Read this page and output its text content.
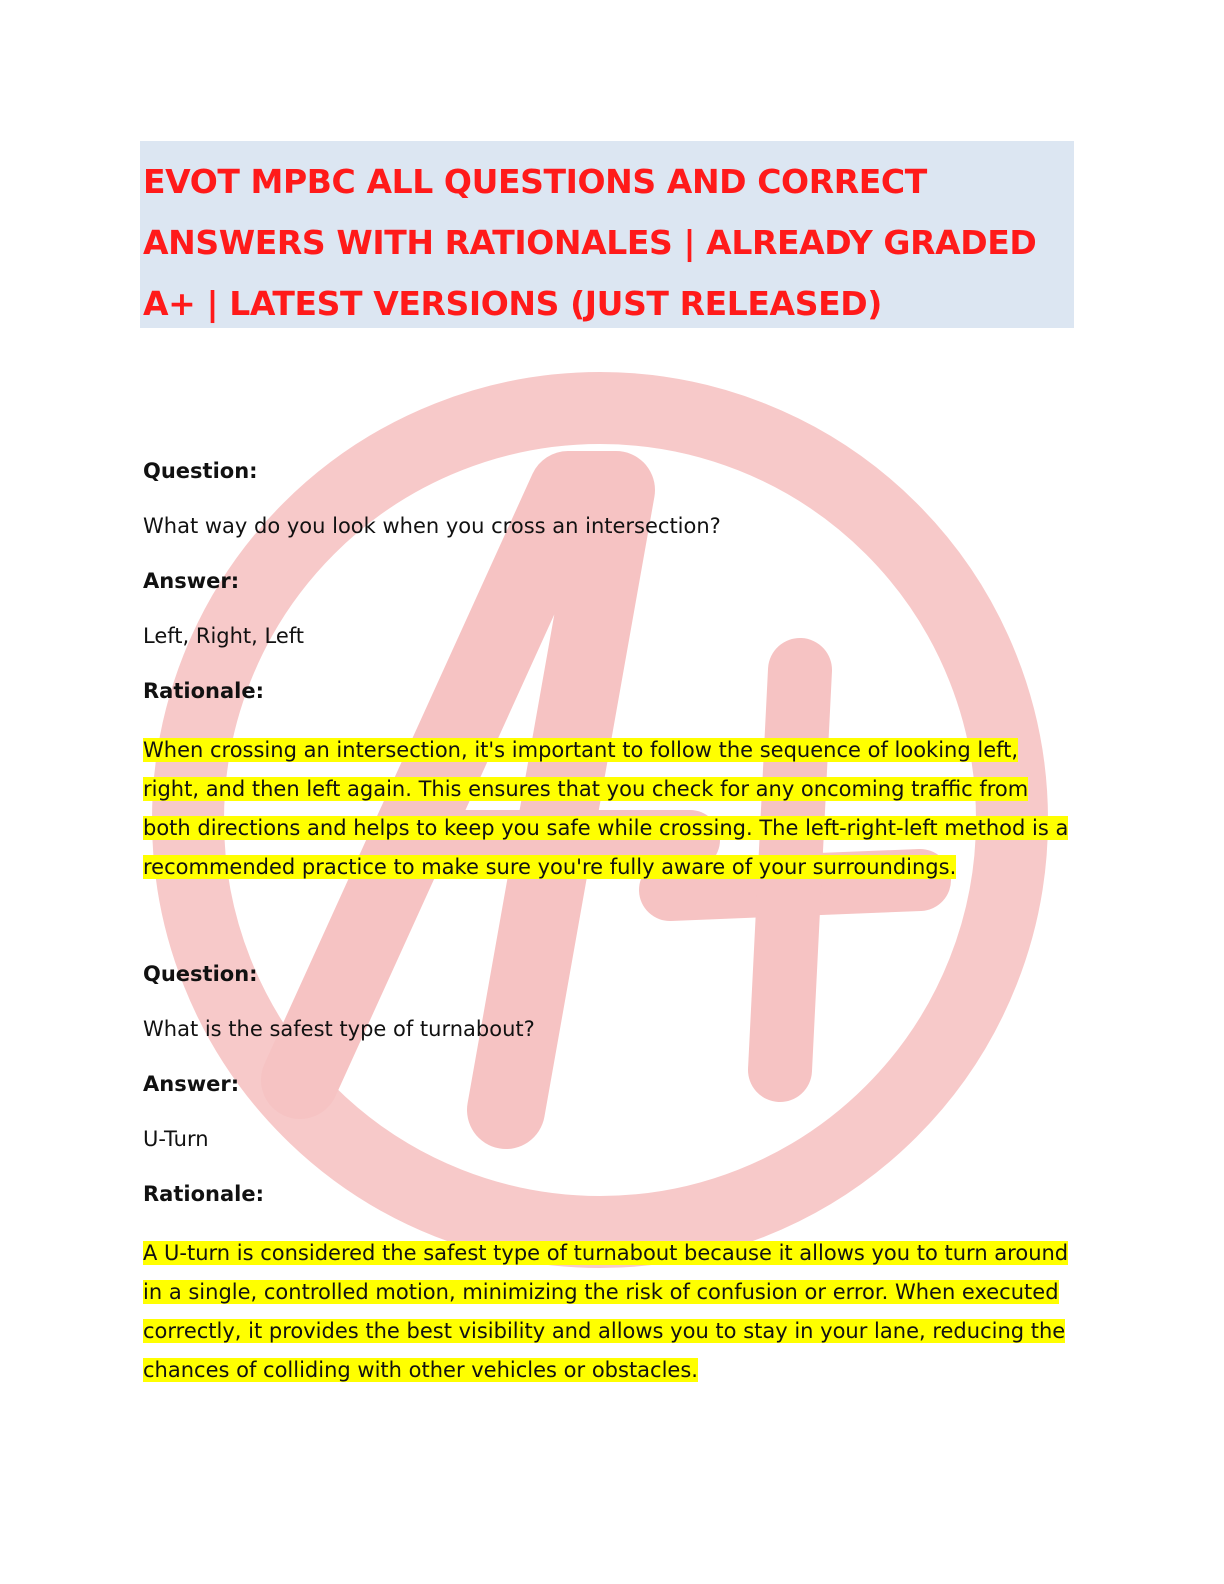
EVOT MPBC ALL QUESTIONS AND CORRECT ANSWERS WITH RATIONALES | ALREADY GRADED A+ | LATEST VERSIONS (JUST RELEASED)

Question:

What way do you look when you cross an intersection?

Answer:

Left, Right, Left

Rationale:

When crossing an intersection, it's important to follow the sequence of looking left, right, and then left again. This ensures that you check for any oncoming traffic from both directions and helps to keep you safe while crossing. The left-right-left method is a recommended practice to make sure you're fully aware of your surroundings.

Question:

What is the safest type of turnabout?

Answer:

U-Turn

Rationale:

A U-turn is considered the safest type of turnabout because it allows you to turn around in a single, controlled motion, minimizing the risk of confusion or error. When executed correctly, it provides the best visibility and allows you to stay in your lane, reducing the chances of colliding with other vehicles or obstacles.
